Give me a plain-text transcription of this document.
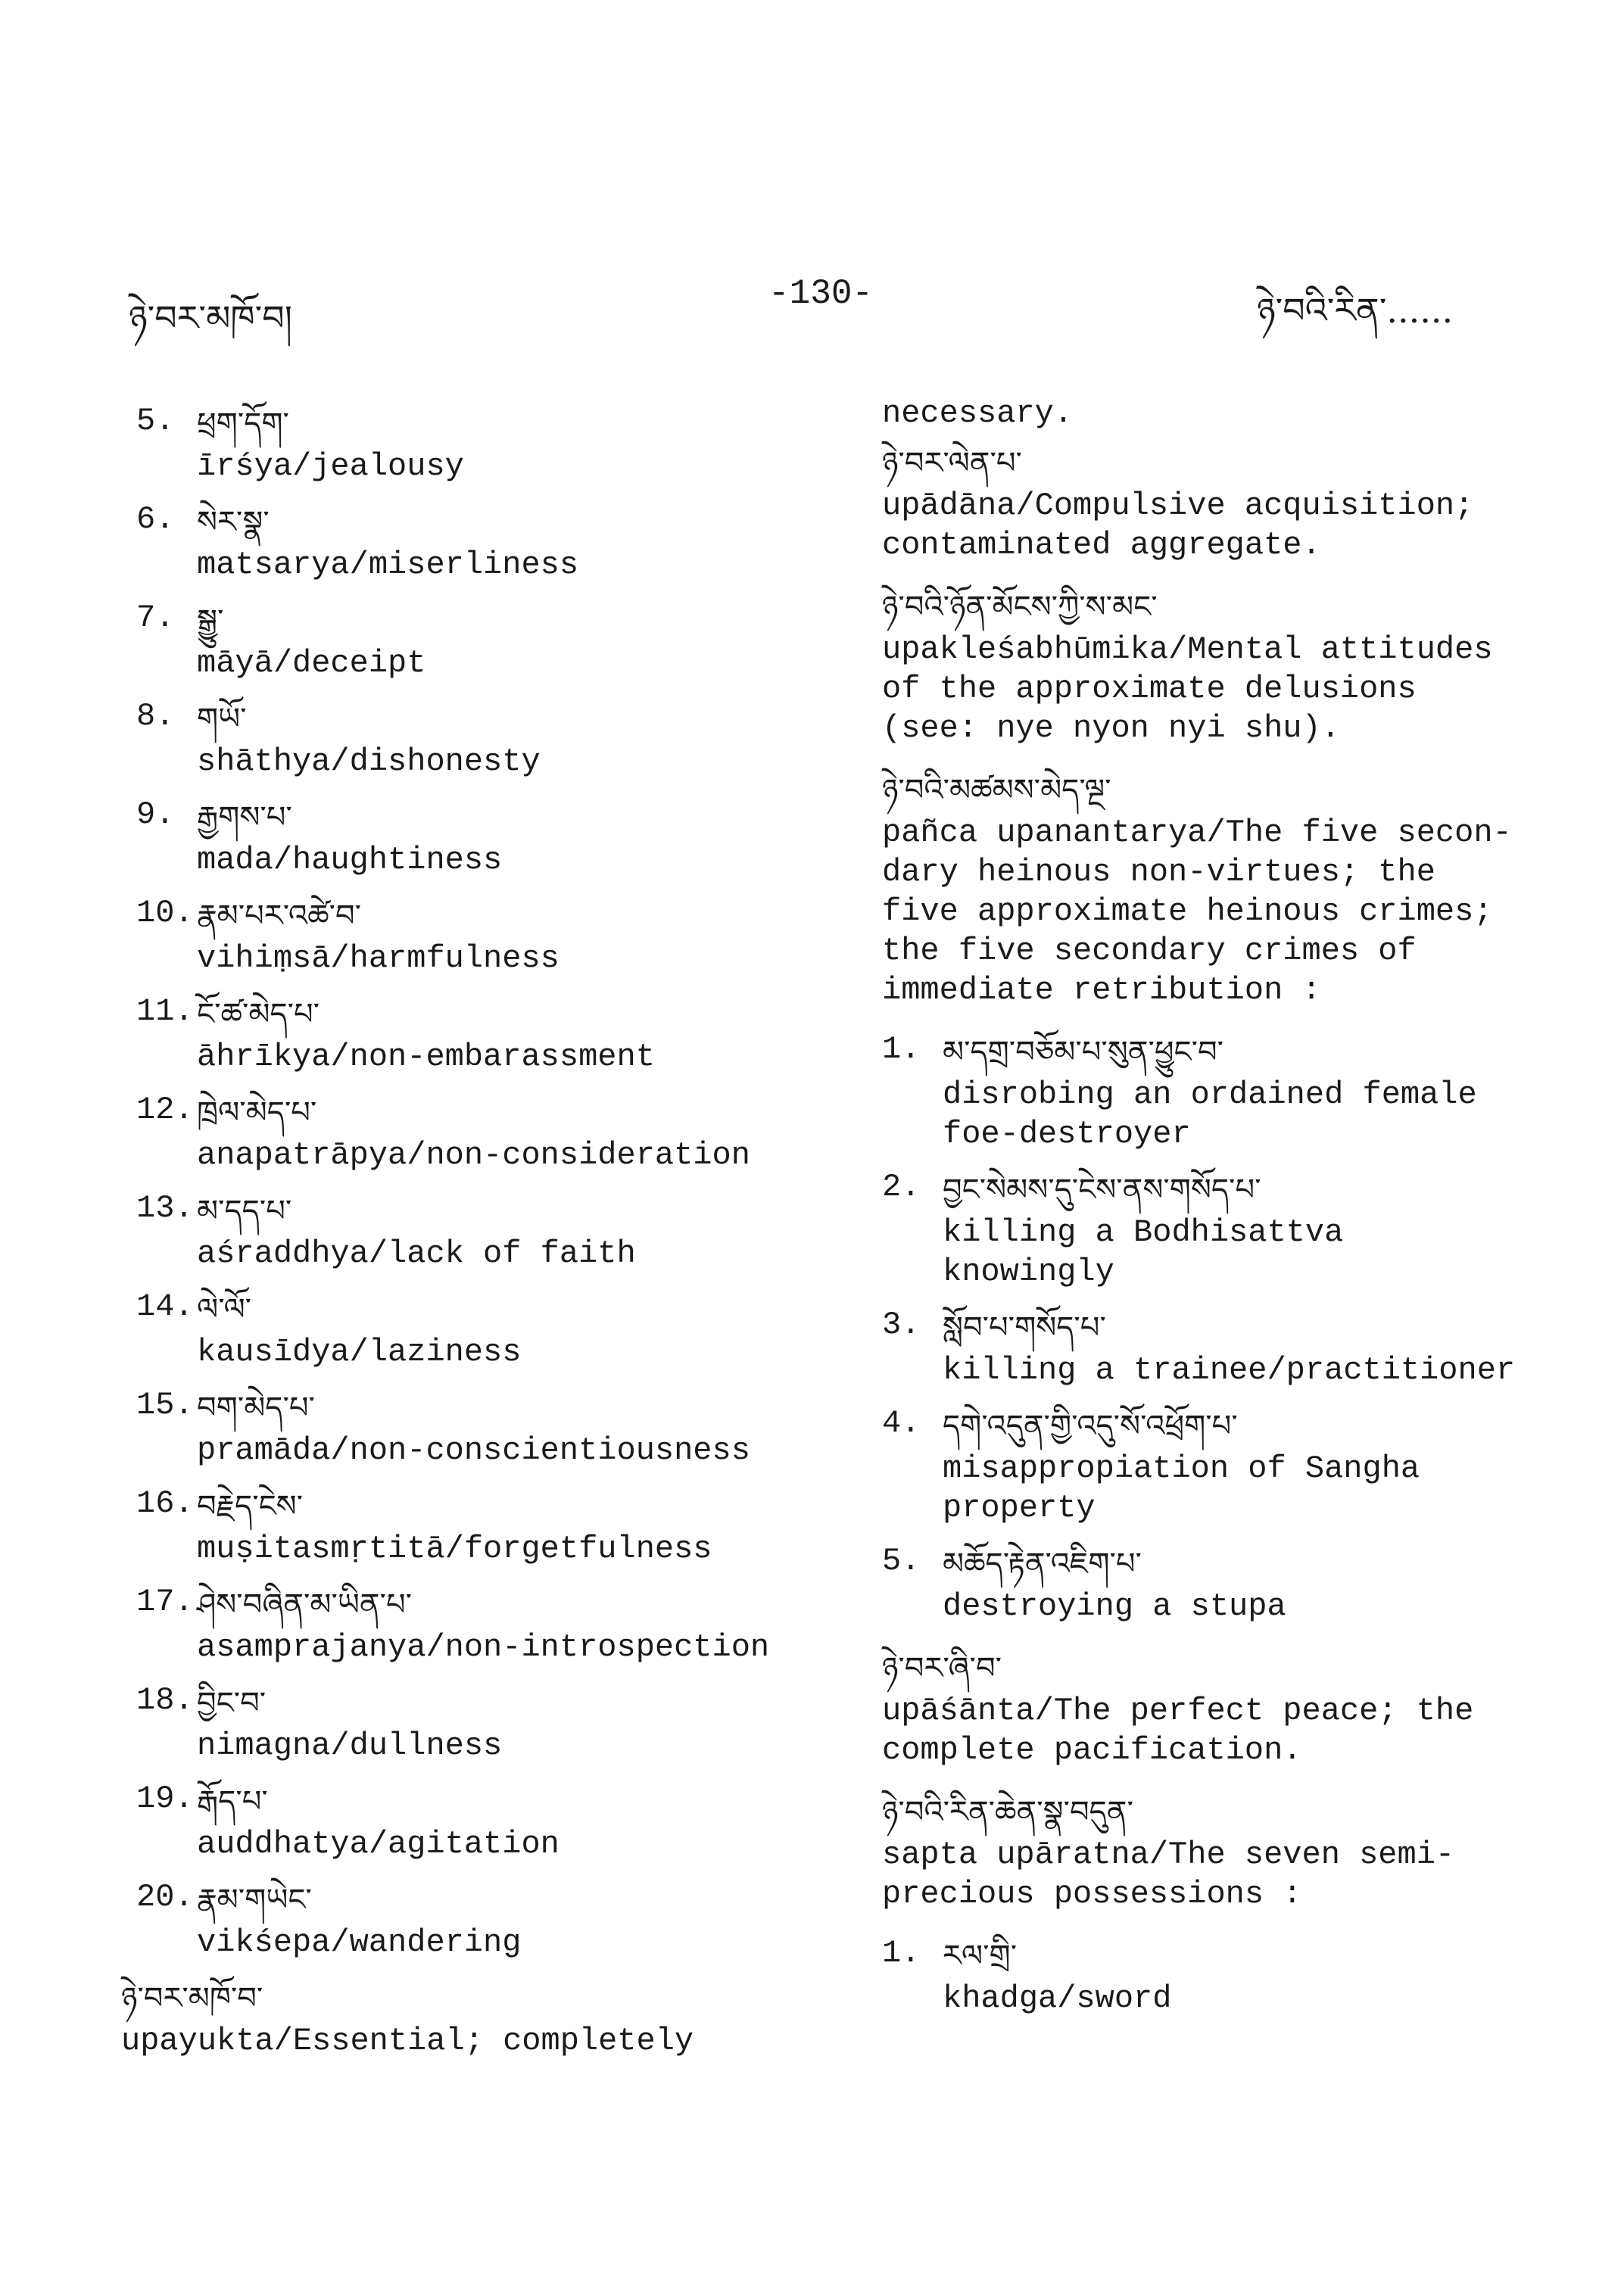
ཉེ་བར་མཁོ་བ།
-130-	ཉེ་བའི་རིན་......
5. ཕྲག་དོག་
īrśya/jealousy
6. སེར་སྣ་
matsarya/miserliness
7. སྒྱུ་
māyā/deceipt
8. གཡོ་
shāthya/dishonesty
9. རྒྱགས་པ་
mada/haughtiness
10. རྣམ་པར་འཚེ་བ་
vihiṃsā/harmfulness
11. ངོ་ཚ་མེད་པ་
āhrīkya/non-embarassment
12. ཁྲེལ་མེད་པ་
anapatrāpya/non-consideration
13. མ་དད་པ་
aśraddhya/lack of faith
14. ལེ་ལོ་
kausīdya/laziness
15. བག་མེད་པ་
pramāda/non-conscientiousness
16. བརྗེད་ངེས་
muṣitasmṛtitā/forgetfulness
17. ཤེས་བཞིན་མ་ཡིན་པ་
asamprajanya/non-introspection
18. བྱིང་བ་
nimagna/dullness
19. རྒོད་པ་
auddhatya/agitation
20. རྣམ་གཡེང་
vikśepa/wandering
ཉེ་བར་མཁོ་བ་
upayukta/Essential; completely
necessary.
ཉེ་བར་ལེན་པ་
upādāna/Compulsive acquisition;
contaminated aggregate.
ཉེ་བའི་ཉོན་མོངས་ཀྱི་ས་མང་
upakleśabhūmika/Mental attitudes
of the approximate delusions
(see: nye nyon nyi shu).
ཉེ་བའི་མཚམས་མེད་ལྔ་
pañca upanantarya/The five secon-
dary heinous non-virtues; the
five approximate heinous crimes;
the five secondary crimes of
immediate retribution :
1. མ་དགྲ་བཅོམ་པ་སུན་ཕྱུང་བ་
disrobing an ordained female
foe-destroyer
2. བྱང་སེམས་དུ་ངེས་ནས་གསོད་པ་
killing a Bodhisattva
knowingly
3. སློབ་པ་གསོད་པ་
killing a trainee/practitioner
4. དགེ་འདུན་གྱི་འདུ་སོ་འཕྲོག་པ་
misappropiation of Sangha
property
5. མཆོད་རྟེན་འཇིག་པ་
destroying a stupa
ཉེ་བར་ཞི་བ་
upāśānta/The perfect peace; the
complete pacification.
ཉེ་བའི་རིན་ཆེན་སྣ་བདུན་
sapta upāratna/The seven semi-
precious possessions :
1. རལ་གྲི་
khadga/sword
